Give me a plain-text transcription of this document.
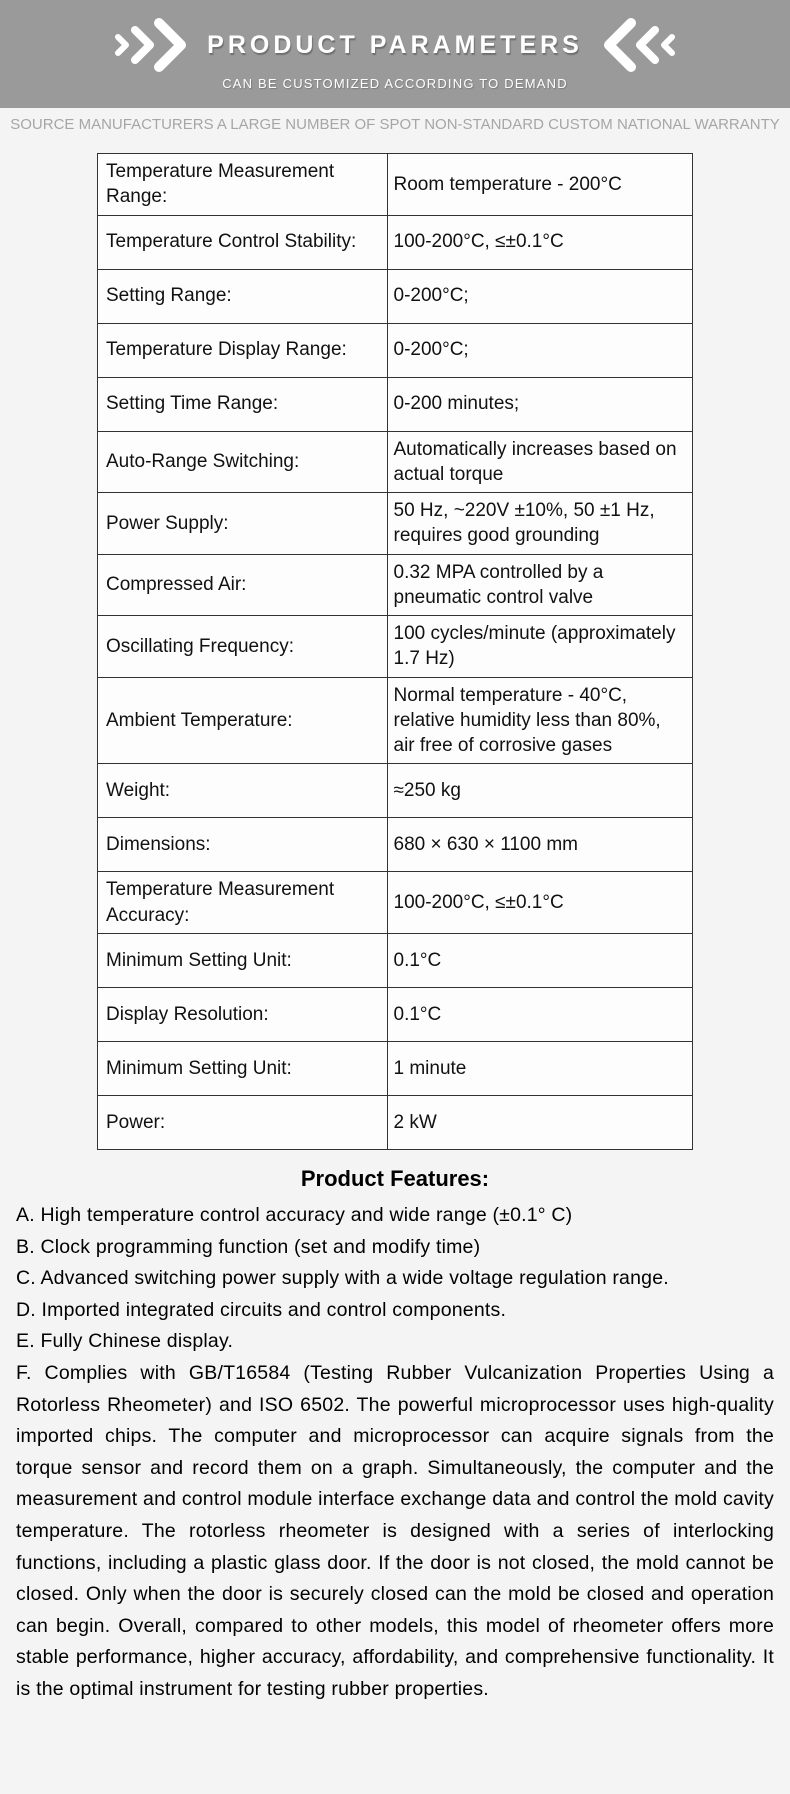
PRODUCT PARAMETERS
CAN BE CUSTOMIZED ACCORDING TO DEMAND
SOURCE MANUFACTURERS A LARGE NUMBER OF SPOT NON-STANDARD CUSTOM NATIONAL WARRANTY
Temperature Measurement Range:	Room temperature - 200°C
Temperature Control Stability:	100-200°C, ≤±0.1°C
Setting Range:	0-200°C;
Temperature Display Range:	0-200°C;
Setting Time Range:	0-200 minutes;
Auto-Range Switching:	Automatically increases based on actual torque
Power Supply:	50 Hz, ~220V ±10%, 50 ±1 Hz, requires good grounding
Compressed Air:	0.32 MPA controlled by a pneumatic control valve
Oscillating Frequency:	100 cycles/minute (approximately 1.7 Hz)
Ambient Temperature:	Normal temperature - 40°C, relative humidity less than 80%, air free of corrosive gases
Weight:	≈250 kg
Dimensions:	680 × 630 × 1100 mm
Temperature Measurement Accuracy:	100-200°C, ≤±0.1°C
Minimum Setting Unit:	0.1°C
Display Resolution:	0.1°C
Minimum Setting Unit:	1 minute
Power:	2 kW
Product Features:

A. High temperature control accuracy and wide range (±0.1° C)

B. Clock programming function (set and modify time)

C. Advanced switching power supply with a wide voltage regulation range.

D. Imported integrated circuits and control components.

E. Fully Chinese display.

F. Complies with GB/T16584 (Testing Rubber Vulcanization Properties Using a Rotorless Rheometer) and ISO 6502. The powerful microprocessor uses high-quality imported chips. The computer and microprocessor can acquire signals from the torque sensor and record them on a graph. Simultaneously, the computer and the measurement and control module interface exchange data and control the mold cavity temperature. The rotorless rheometer is designed with a series of interlocking functions, including a plastic glass door. If the door is not closed, the mold cannot be closed. Only when the door is securely closed can the mold be closed and operation can begin. Overall, compared to other models, this model of rheometer offers more stable performance, higher accuracy, affordability, and comprehensive functionality. It is the optimal instrument for testing rubber properties.
